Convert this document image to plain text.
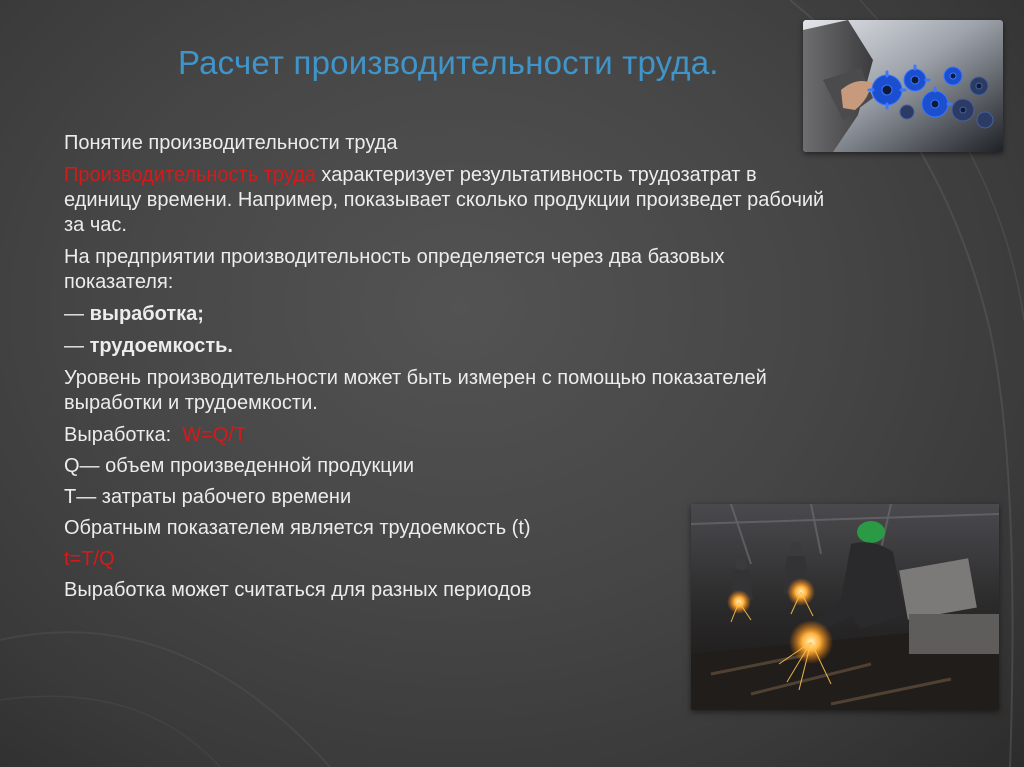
Расчет производительности труда.

Понятие производительности труда

Производительность труда характеризует результативность трудозатрат в единицу времени. Например, показывает сколько продукции произведет рабочий за час.

На предприятии производительность определяется через два базовых показателя:

— выработка;

— трудоемкость.

Уровень производительности может быть измерен с помощью показателей выработки и трудоемкости.

Выработка:  W=Q/T

Q— объем произведенной продукции

T— затраты рабочего времени

Обратным показателем является трудоемкость (t)

t=T/Q

Выработка может считаться для разных периодов
